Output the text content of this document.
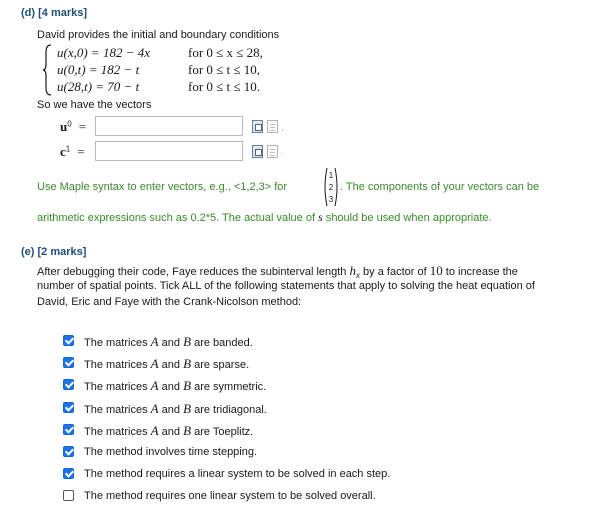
(d) [4 marks]
David provides the initial and boundary conditions
u(x,0) = 182 − 4x	for 0 ≤ x ≤ 28,
u(0,t) = 182 − t	for 0 ≤ t ≤ 10,
u(28,t) = 70 − t	for 0 ≤ t ≤ 10.
So we have the vectors
$u^0$ =	,
$c^1$ =	.
Use Maple syntax to enter vectors, e.g., <1,2,3> for
1
2
3
. The components of your vectors can be
arithmetic expressions such as 0.2*5. The actual value of s should be used when appropriate.
(e) [2 marks]
After debugging their code, Faye reduces the subinterval length $h_x$ by a factor of 10 to increase the
number of spatial points. Tick ALL of the following statements that apply to solving the heat equation of
David, Eric and Faye with the Crank-Nicolson method:
The matrices A and B are banded.
The matrices A and B are sparse.
The matrices A and B are symmetric.
The matrices A and B are tridiagonal.
The matrices A and B are Toeplitz.
The method involves time stepping.
The method requires a linear system to be solved in each step.
The method requires one linear system to be solved overall.
